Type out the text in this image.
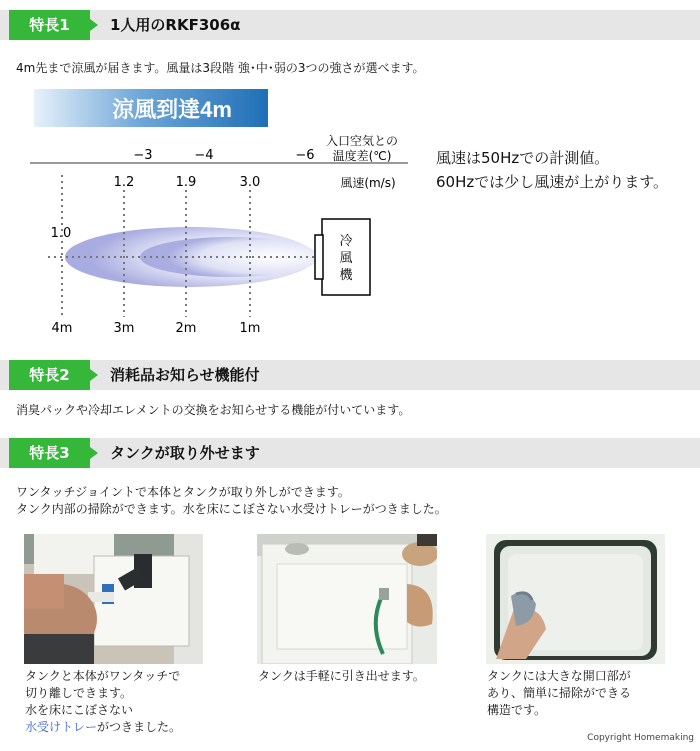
特長1	1人用のRKF306α
4m先まで涼風が届きます。風量は3段階 強･中･弱の3つの強さが選べます。
涼風到達4m
入口空気との
温度差(℃)
−3	−4	−6
1.2	1.9	3.0	風速(m/s)
1.0
冷
風
機
4m	3m	2m	1m
風速は50Hzでの計測値。
60Hzでは少し風速が上がります。
特長2	消耗品お知らせ機能付
消臭パックや冷却エレメントの交換をお知らせする機能が付いています。
特長3	タンクが取り外せます
ワンタッチジョイントで本体とタンクが取り外しができます。
タンク内部の掃除ができます。水を床にこぼさない水受けトレーがつきました。
タンクと本体がワンタッチで
切り離しできます。
水を床にこぼさない
水受けトレーがつきました。
タンクは手軽に引き出せます。	タンクには大きな開口部が
あり、簡単に掃除ができる
構造です。
Copyright Homemaking
